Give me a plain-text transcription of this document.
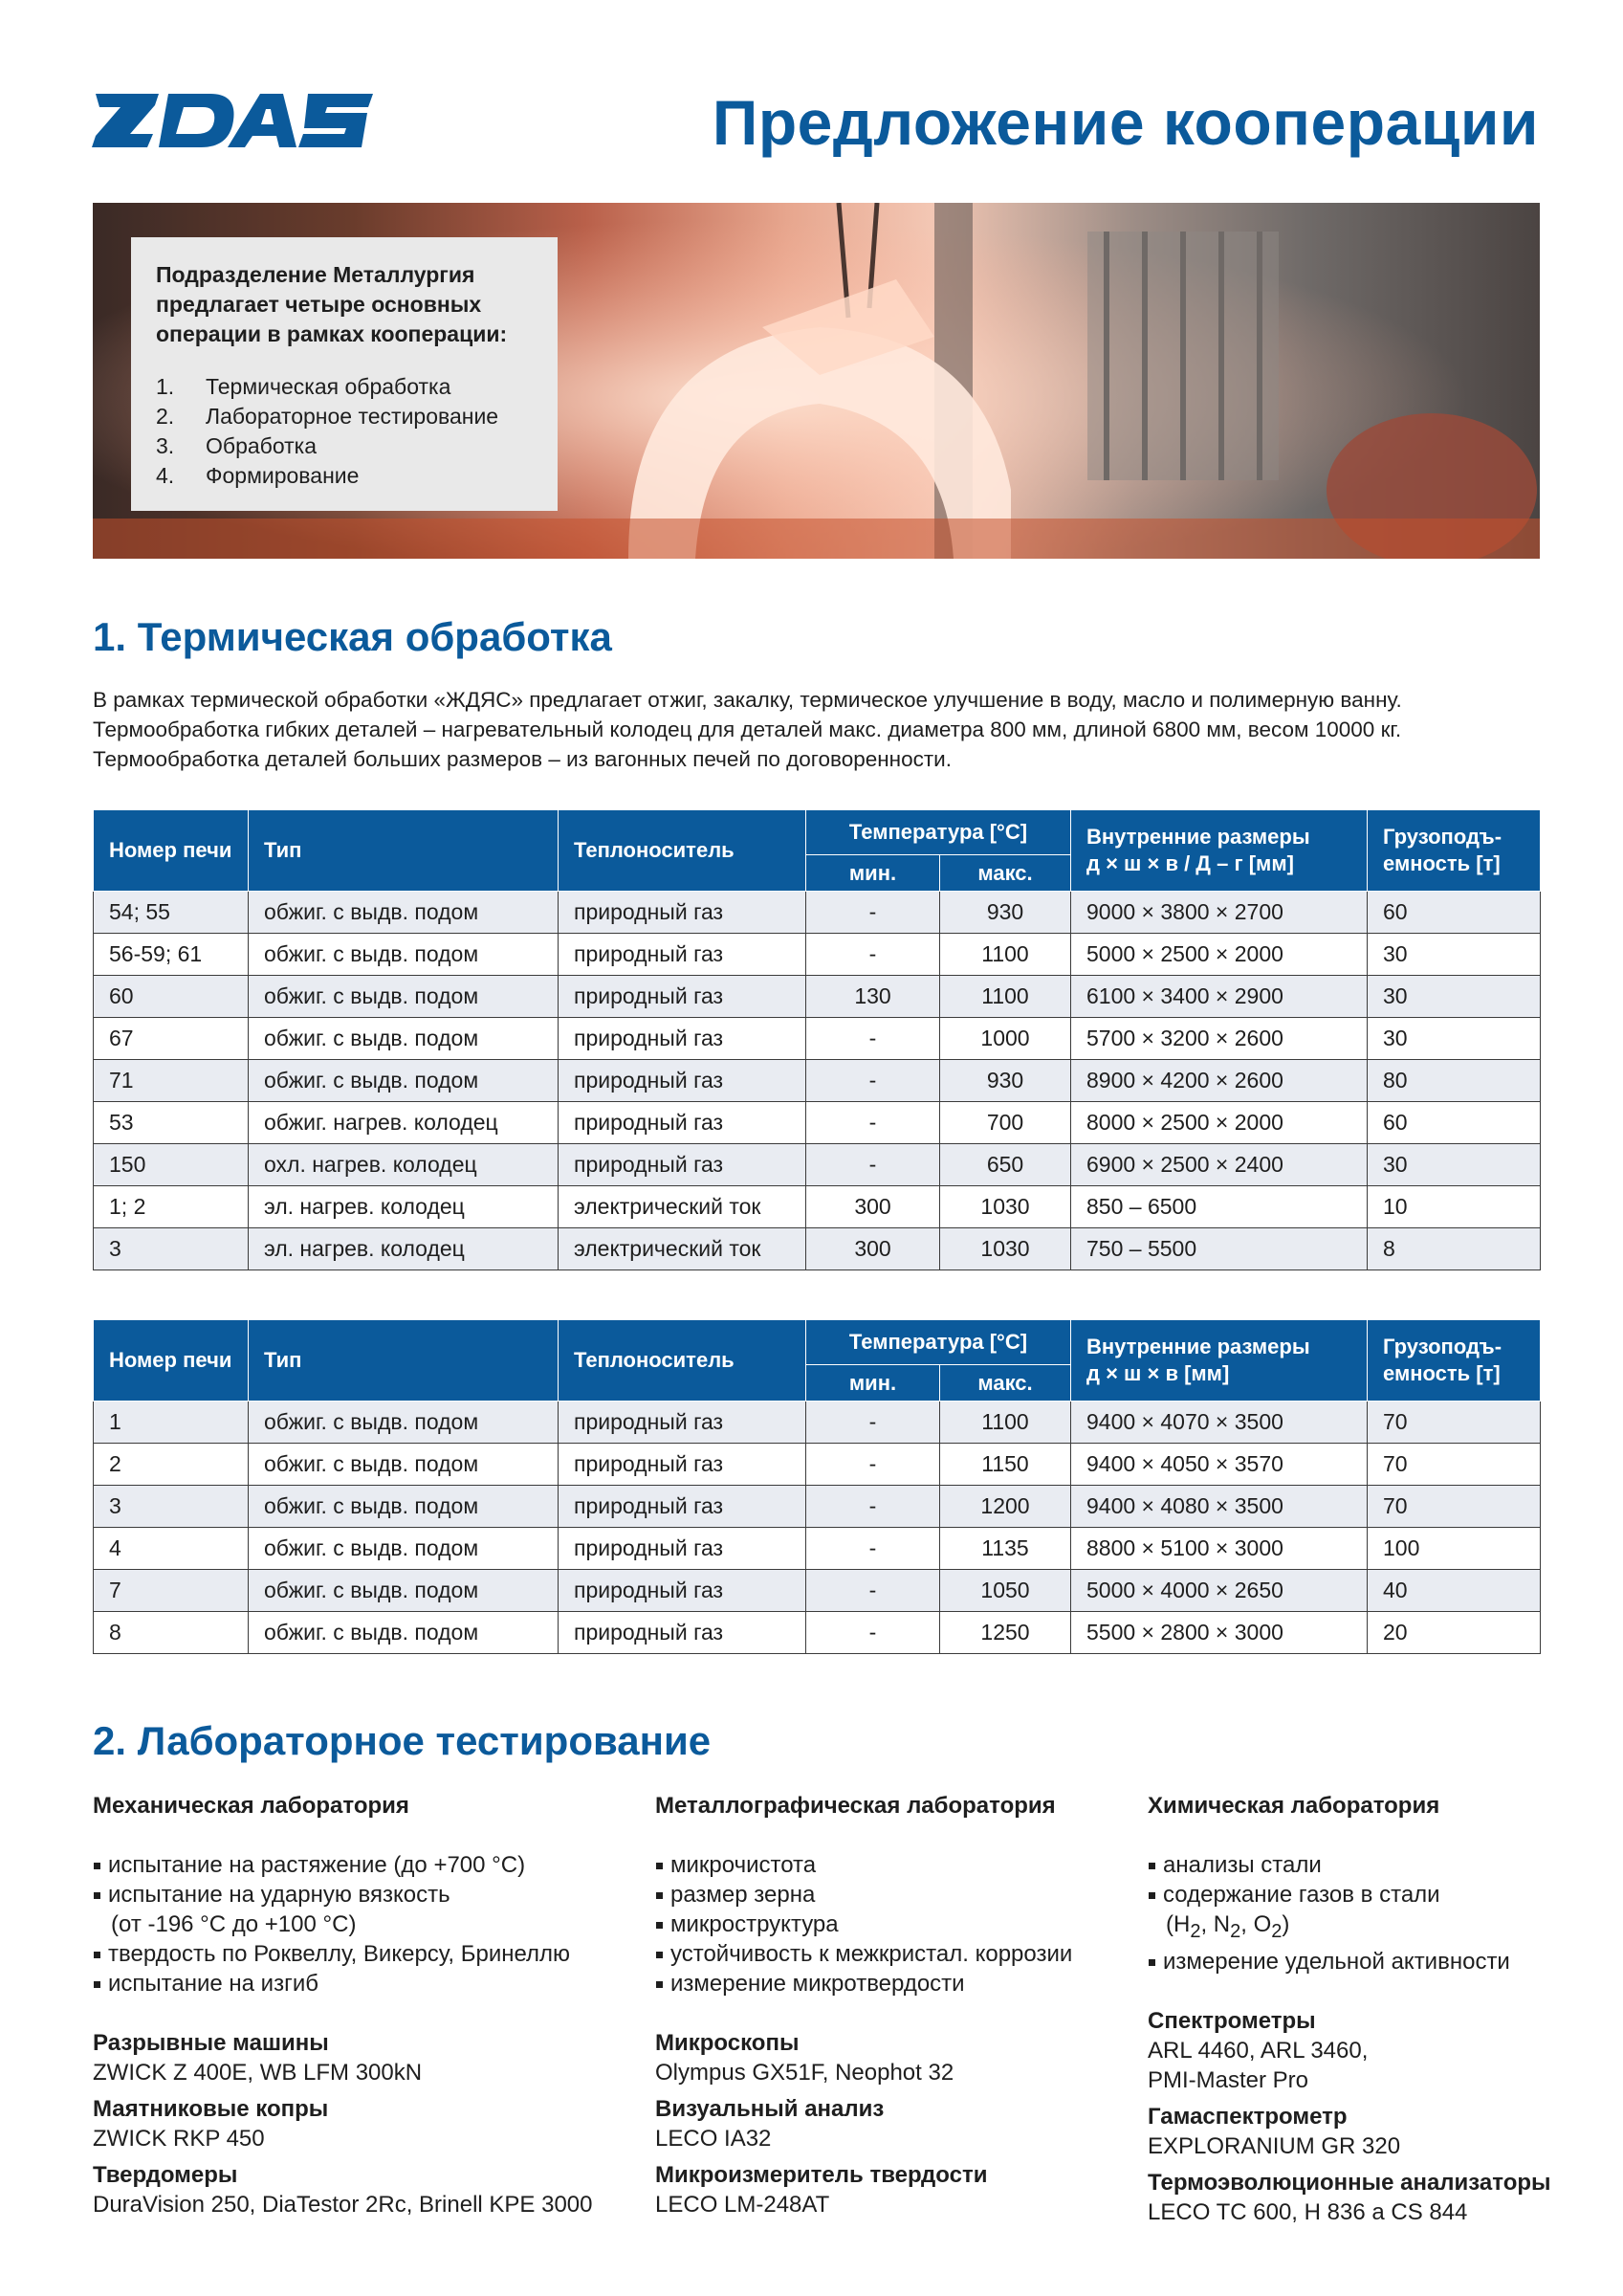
Предложение кооперации
Подразделение Металлургия предлагает четыре основных операции в рамках кооперации:
1.	Термическая обработка
2.	Лабораторное тестирование
3.	Обработка
4.	Формирование
1. Термическая обработка

В рамках термической обработки «ЖДЯС» предлагает отжиг, закалку, термическое улучшение в воду, масло и полимерную ванну. Термообработка гибких деталей – нагревательный колодец для деталей макс. диаметра 800 мм, длиной 6800 мм, весом 10000 кг. Термообработка деталей больших размеров – из вагонных печей по договоренности.

Номер печи	Тип	Теплоноситель	Температура [°C]		Внутренние размеры
д × ш × в / Д – г [мм]	Грузоподъ-
емность [т]
			мин.	макс.		
54; 55	обжиг. с выдв. подом	природный газ	-	930	9000 × 3800 × 2700	60
56-59; 61	обжиг. с выдв. подом	природный газ	-	1100	5000 × 2500 × 2000	30
60	обжиг. с выдв. подом	природный газ	130	1100	6100 × 3400 × 2900	30
67	обжиг. с выдв. подом	природный газ	-	1000	5700 × 3200 × 2600	30
71	обжиг. с выдв. подом	природный газ	-	930	8900 × 4200 × 2600	80
53	обжиг. нагрев. колодец	природный газ	-	700	8000 × 2500 × 2000	60
150	охл. нагрев. колодец	природный газ	-	650	6900 × 2500 × 2400	30
1; 2	эл. нагрев. колодец	электрический ток	300	1030	850 – 6500	10
3	эл. нагрев. колодец	электрический ток	300	1030	750 – 5500	8
Номер печи	Тип	Теплоноситель	Температура [°C]		Внутренние размеры
д × ш × в [мм]	Грузоподъ-
емность [т]
			мин.	макс.		
1	обжиг. с выдв. подом	природный газ	-	1100	9400 × 4070 × 3500	70
2	обжиг. с выдв. подом	природный газ	-	1150	9400 × 4050 × 3570	70
3	обжиг. с выдв. подом	природный газ	-	1200	9400 × 4080 × 3500	70
4	обжиг. с выдв. подом	природный газ	-	1135	8800 × 5100 × 3000	100
7	обжиг. с выдв. подом	природный газ	-	1050	5000 × 4000 × 2650	40
8	обжиг. с выдв. подом	природный газ	-	1250	5500 × 2800 × 3000	20
2. Лабораторное тестирование
Механическая лаборатория
испытание на растяжение (до +700 °C)
испытание на ударную вязкость
(от -196 °C до +100 °C)
твердость по Роквеллу, Викерсу, Бринеллю
испытание на изгиб
Разрывные машины
ZWICK Z 400E, WB LFM 300kN
Маятниковые копры
ZWICK RKP 450
Твердомеры
DuraVision 250, DiaTestor 2Rc, Brinell KPE 3000
Металлографическая лаборатория
микрочистота
размер зерна
микроструктура
устойчивость к межкристал. коррозии
измерение микротвердости
Микроскопы
Olympus GX51F, Neophot 32
Визуальный анализ
LECO IA32
Микроизмеритель твердости
LECO LM-248AT
Химическая лаборатория
анализы стали
содержание газов в стали
($H_2$, $N_2$, $O_2$)
измерение удельной активности
Спектрометры
ARL 4460, ARL 3460,
PMI-Master Pro
Гамаспектрометр
EXPLORANIUM GR 320
Термоэволюционные анализаторы
LECO TC 600, H 836 a CS 844
